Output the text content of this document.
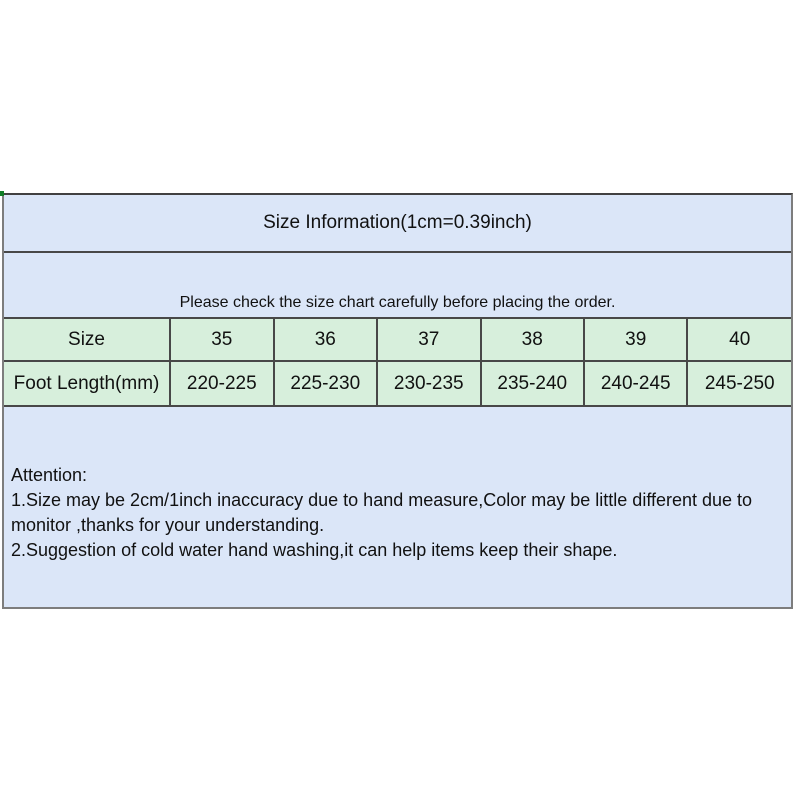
Size Information(1cm=0.39inch)
Please check the size chart carefully before placing the order.
Size	35	36	37	38	39	40
Foot Length(mm)	220-225	225-230	230-235	235-240	240-245	245-250
Attention:
1.Size may be 2cm/1inch inaccuracy due to hand measure,Color may be little different due to
monitor ,thanks for your understanding.
2.Suggestion of cold water hand washing,it can help items keep their shape.
